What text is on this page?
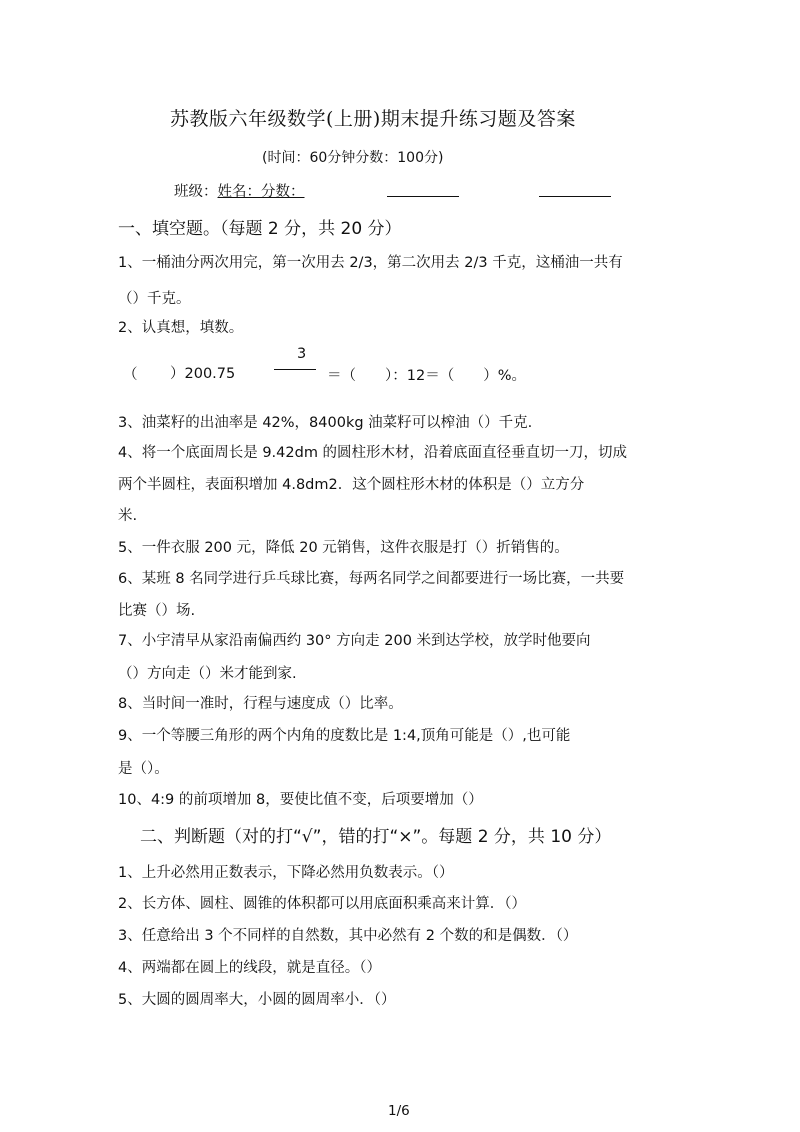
苏教版六年级数学(上册)期末提升练习题及答案
(时间：60分钟分数：100分)
班级：姓名：分数：
一、填空题。（每题 2 分，共 20 分）
1、一桶油分两次用完，第一次用去 2/3，第二次用去 2/3 千克，这桶油一共有
（）千克。
2、认真想，填数。
（ ）200.75
3
＝（　　）：12＝（　　）%。
3、油菜籽的出油率是 42%，8400kg 油菜籽可以榨油（）千克.
4、将一个底面周长是 9.42dm 的圆柱形木材，沿着底面直径垂直切一刀，切成
两个半圆柱，表面积增加 4.8dm2．这个圆柱形木材的体积是（）立方分
米.
5、一件衣服 200 元，降低 20 元销售，这件衣服是打（）折销售的。
6、某班 8 名同学进行乒乓球比赛，每两名同学之间都要进行一场比赛，一共要
比赛（）场.
7、小宇清早从家沿南偏西约 30° 方向走 200 米到达学校，放学时他要向
（）方向走（）米才能到家.
8、当时间一准时，行程与速度成（）比率。
9、一个等腰三角形的两个内角的度数比是 1:4,顶角可能是（）,也可能
是（）。
10、4:9 的前项增加 8，要使比值不变，后项要增加（）
二、判断题（对的打“√”，错的打“×”。每题 2 分，共 10 分）
1、上升必然用正数表示，下降必然用负数表示。（）
2、长方体、圆柱、圆锥的体积都可以用底面积乘高来计算．（）
3、任意给出 3 个不同样的自然数，其中必然有 2 个数的和是偶数．（）
4、两端都在圆上的线段，就是直径。（）
5、大圆的圆周率大，小圆的圆周率小．（）
1/6
